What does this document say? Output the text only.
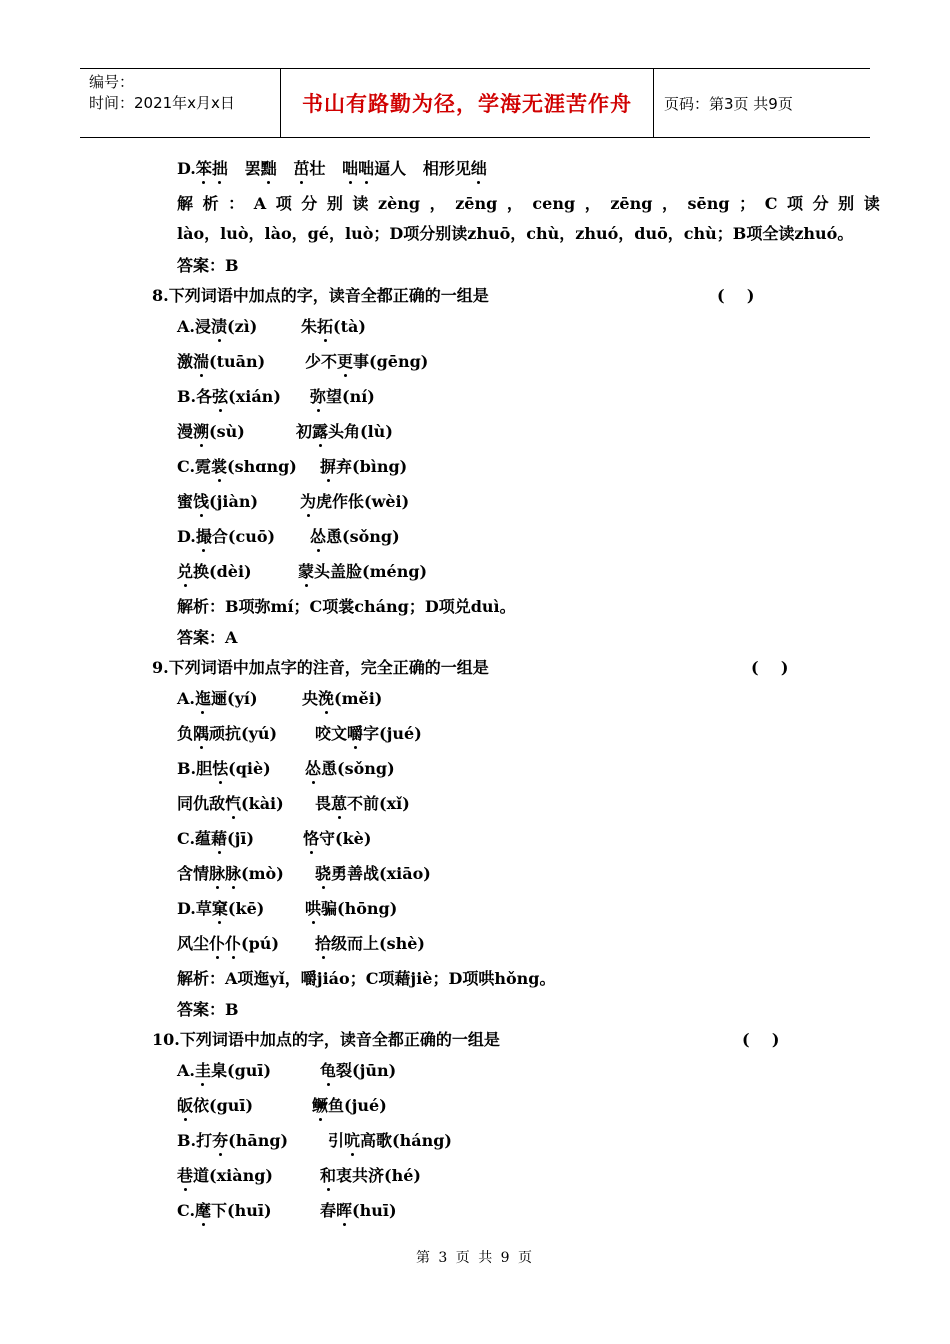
编号：
时间：2021年x月x日	书山有路勤为径，学海无涯苦作舟 页码：第3页 共9页
D.笨拙   罢黜 茁壮   咄咄逼人   相形见绌
解 析 ： A 项 分 别 读 zèng ， zēng ， ceng ， zēng ， sēng ； C 项 分 别 读
lào，luò，lào，gé，luò；D项分别读zhuō，chù，zhuó，duō，chù；B项全读zhuó。
答案：B
8.下列词语中加点的字，读音全都正确的一组是	(    )
A.浸渍(zì)	朱拓(tà)
激湍(tuān) 少不更事(gēng)
B.各弦(xián) 弥望(ní)
漫溯(sù)	初露头角(lù)
C.霓裳(shɑng) 摒弃(bìng)
蜜饯(jiàn)	为虎作伥(wèi)
D.撮合(cuō) 怂恿(sǒng)
兑换(dèi)	蒙头盖脸(méng)
解析：B项弥mí；C项裳cháng；D项兑duì。
答案：A
9.下列词语中加点字的注音，完全正确的一组是	(    )
A.迤逦(yí)	央浼(měi)
负隅顽抗(yú) 咬文嚼字(jué)
B.胆怯(qiè) 怂恿(sǒng)
同仇敌忾(kài) 畏葸不前(xǐ)
C.蕴藉(jī)	恪守(kè)
含情脉脉(mò) 骁勇善战(xiāo)
D.草窠(kē)	哄骗(hōng)
风尘仆仆(pú) 拾级而上(shè)
解析：A项迤yǐ，嚼jiáo；C项藉jiè；D项哄hǒng。
答案：B
10.下列词语中加点的字，读音全都正确的一组是	(    )
A.圭臬(guī)	龟裂(jūn)
皈依(guī)	鳜鱼(jué)
B.打夯(hāng) 引吭高歌(háng)
巷道(xiàng)	和衷共济(hé)
C.麾下(huī)	春晖(huī)
第 3 页 共 9 页
